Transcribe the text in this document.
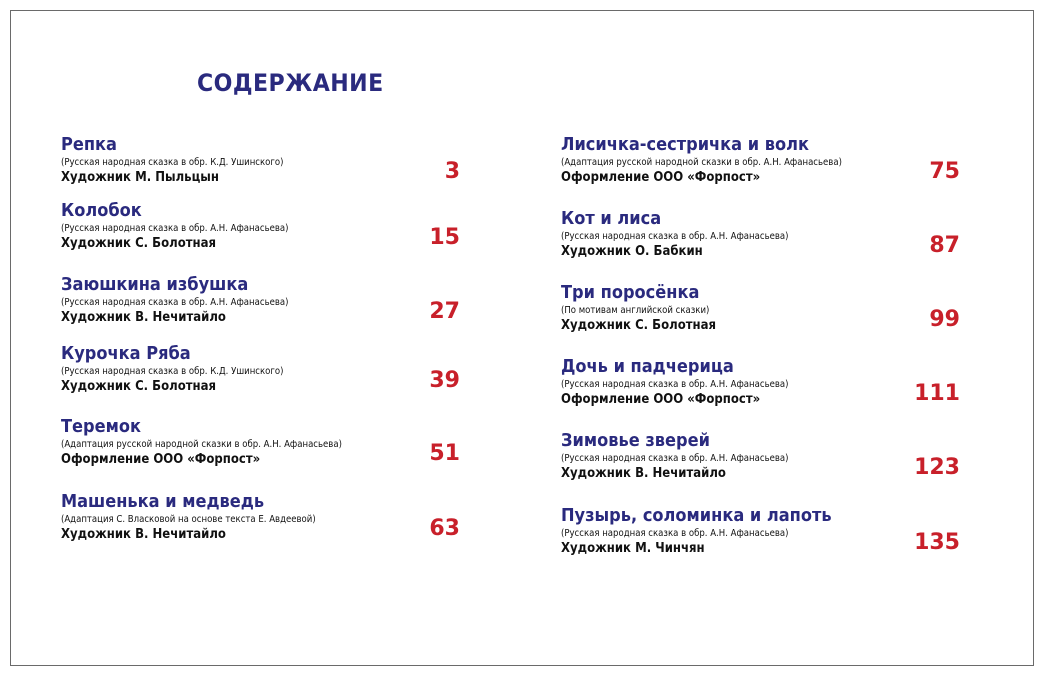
СОДЕРЖАНИЕ
Репка
(Русская народная сказка в обр. К.Д. Ушинского)
Художник М. Пыльцын	3
Колобок
(Русская народная сказка в обр. А.Н. Афанасьева)
Художник С. Болотная	15
Заюшкина избушка
(Русская народная сказка в обр. А.Н. Афанасьева)
Художник В. Нечитайло	27
Курочка Ряба
(Русская народная сказка в обр. К.Д. Ушинского)
Художник С. Болотная	39
Теремок
(Адаптация русской народной сказки в обр. А.Н. Афанасьева)
Оформление ООО «Форпост»	51
Машенька и медведь
(Адаптация С. Власковой на основе текста Е. Авдеевой)
Художник В. Нечитайло	63
Лисичка-сестричка и волк
(Адаптация русской народной сказки в обр. А.Н. Афанасьева)
Оформление ООО «Форпост»	75
Кот и лиса
(Русская народная сказка в обр. А.Н. Афанасьева)
Художник О. Бабкин	87
Три поросёнка
(По мотивам английской сказки)
Художник С. Болотная	99
Дочь и падчерица
(Русская народная сказка в обр. А.Н. Афанасьева)
Оформление ООО «Форпост»	111
Зимовье зверей
(Русская народная сказка в обр. А.Н. Афанасьева)
Художник В. Нечитайло	123
Пузырь, соломинка и лапоть
(Русская народная сказка в обр. А.Н. Афанасьева)
Художник М. Чинчян	135
